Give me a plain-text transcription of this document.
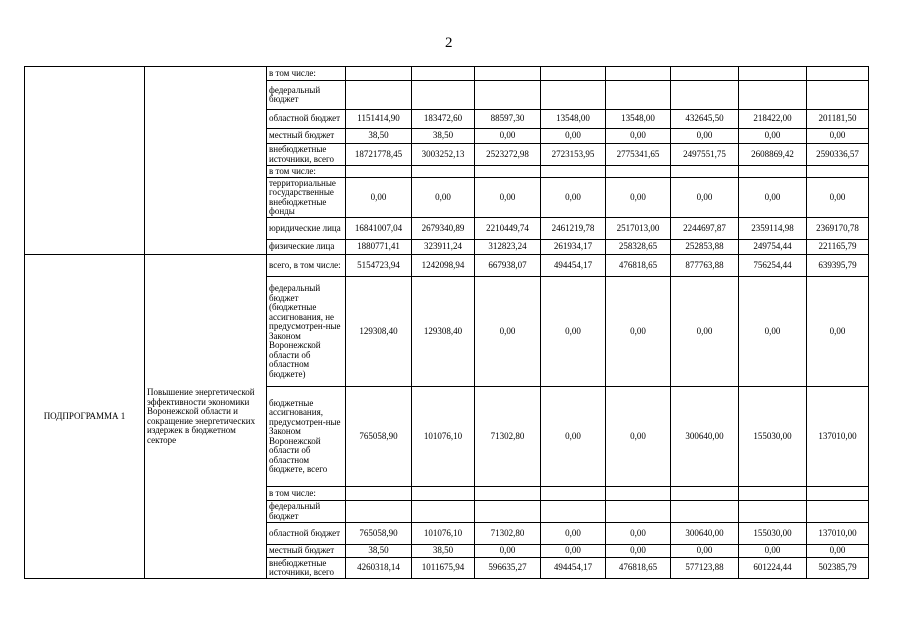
2
		в том числе:								
		федеральный бюджет								
		областной бюджет	1151414,90	183472,60	88597,30	13548,00	13548,00	432645,50	218422,00	201181,50
		местный бюджет	38,50	38,50	0,00	0,00	0,00	0,00	0,00	0,00
		внебюджетные источники, всего	18721778,45	3003252,13	2523272,98	2723153,95	2775341,65	2497551,75	2608869,42	2590336,57
		в том числе:								
		территориальные государственные внебюджетные фонды	0,00	0,00	0,00	0,00	0,00	0,00	0,00	0,00
		юридические лица	16841007,04	2679340,89	2210449,74	2461219,78	2517013,00	2244697,87	2359114,98	2369170,78
		физические лица	1880771,41	323911,24	312823,24	261934,17	258328,65	252853,88	249754,44	221165,79
ПОДПРОГРАММА 1	Повышение энергетической эффективности экономики Воронежской области и сокращение энергетических издержек в бюджетном секторе	всего, в том числе:	5154723,94	1242098,94	667938,07	494454,17	476818,65	877763,88	756254,44	639395,79
		федеральный бюджет (бюджетные ассигнования, не предусмотрен-ные Законом Воронежской области об областном бюджете)	129308,40	129308,40	0,00	0,00	0,00	0,00	0,00	0,00
		бюджетные ассигнования, предусмотрен-ные Законом Воронежской области об областном бюджете, всего	765058,90	101076,10	71302,80	0,00	0,00	300640,00	155030,00	137010,00
		в том числе:								
		федеральный бюджет								
		областной бюджет	765058,90	101076,10	71302,80	0,00	0,00	300640,00	155030,00	137010,00
		местный бюджет	38,50	38,50	0,00	0,00	0,00	0,00	0,00	0,00
		внебюджетные источники, всего	4260318,14	1011675,94	596635,27	494454,17	476818,65	577123,88	601224,44	502385,79
